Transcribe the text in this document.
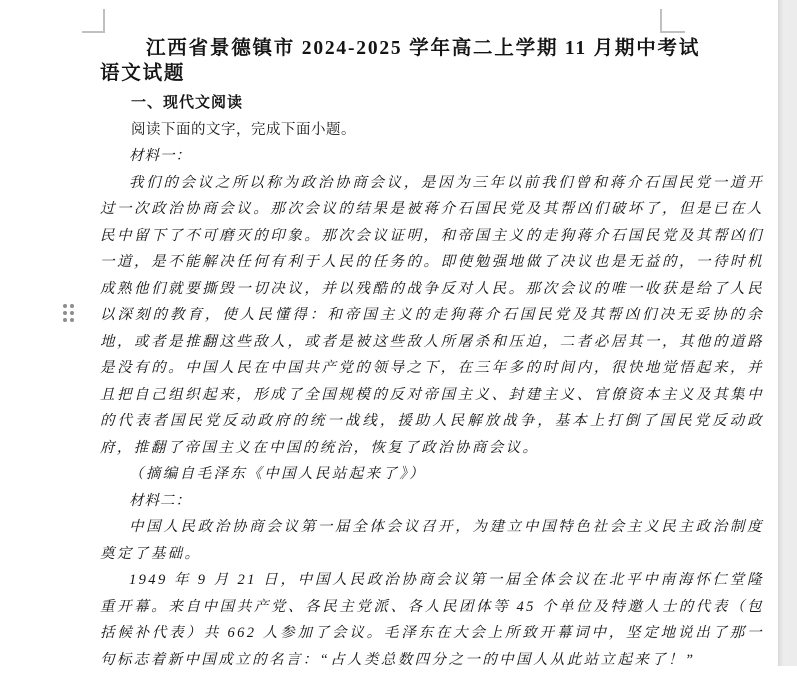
江西省景德镇市 2024-2025 学年高二上学期 11 月期中考试
语文试题
一、现代文阅读

阅读下面的文字，完成下面小题。

材料一：

我们的会议之所以称为政治协商会议，是因为三年以前我们曾和蒋介石国民党一道开过一次政治协商会议。那次会议的结果是被蒋介石国民党及其帮凶们破坏了，但是已在人民中留下了不可磨灭的印象。那次会议证明，和帝国主义的走狗蒋介石国民党及其帮凶们一道，是不能解决任何有利于人民的任务的。即使勉强地做了决议也是无益的，一待时机成熟他们就要撕毁一切决议，并以残酷的战争反对人民。那次会议的唯一收获是给了人民以深刻的教育，使人民懂得：和帝国主义的走狗蒋介石国民党及其帮凶们决无妥协的余地，或者是推翻这些敌人，或者是被这些敌人所屠杀和压迫，二者必居其一，其他的道路是没有的。中国人民在中国共产党的领导之下，在三年多的时间内，很快地觉悟起来，并且把自己组织起来，形成了全国规模的反对帝国主义、封建主义、官僚资本主义及其集中的代表者国民党反动政府的统一战线，援助人民解放战争，基本上打倒了国民党反动政府，推翻了帝国主义在中国的统治，恢复了政治协商会议。

（摘编自毛泽东《中国人民站起来了》）

材料二：

中国人民政治协商会议第一届全体会议召开，为建立中国特色社会主义民主政治制度奠定了基础。

1949 年 9 月 21 日，中国人民政治协商会议第一届全体会议在北平中南海怀仁堂隆重开幕。来自中国共产党、各民主党派、各人民团体等 45 个单位及特邀人士的代表（包括候补代表）共 662 人参加了会议。毛泽东在大会上所致开幕词中，坚定地说出了那一句标志着新中国成立的名言：“占人类总数四分之一的中国人从此站立起来了！”
